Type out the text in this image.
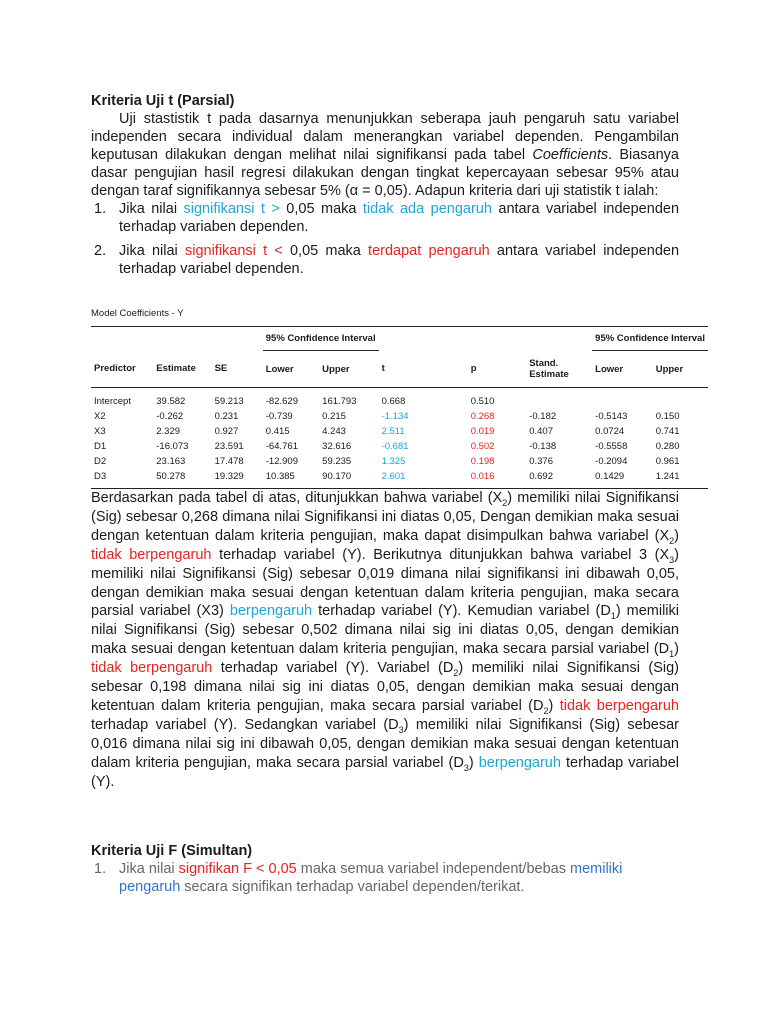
Kriteria Uji t (Parsial)

Uji stastistik t pada dasarnya menunjukkan seberapa jauh pengaruh satu variabel independen secara individual dalam menerangkan variabel dependen. Pengambilan keputusan dilakukan dengan melihat nilai signifikansi pada tabel Coefficients. Biasanya dasar pengujian hasil regresi dilakukan dengan tingkat kepercayaan sebesar 95% atau dengan taraf signifikannya sebesar 5% (α = 0,05). Adapun kriteria dari uji statistik t ialah:

1. Jika nilai signifikansi t > 0,05 maka tidak ada pengaruh antara variabel independen terhadap variaben dependen.
2. Jika nilai signifikansi t < 0,05 maka terdapat pengaruh antara variabel independen terhadap variabel dependen.

Model Coefficients - Y

			95% Confidence Interval					95% Confidence Interval	
Predictor	Estimate	SE	Lower	Upper	t	p	Stand. Estimate	Lower	Upper
Intercept	39.582	59.213	-82.629	161.793	0.668	0.510			
X2	-0.262	0.231	-0.739	0.215	-1.134	0.268	-0.182	-0.5143	0.150
X3	2.329	0.927	0.415	4.243	2.511	0.019	0.407	0.0724	0.741
D1	-16.073	23.591	-64.761	32.616	-0.681	0.502	-0.138	-0.5558	0.280
D2	23.163	17.478	-12.909	59.235	1.325	0.198	0.376	-0.2094	0.961
D3	50.278	19.329	10.385	90.170	2.601	0.016	0.692	0.1429	1.241

Berdasarkan pada tabel di atas, ditunjukkan bahwa variabel $(X_2)$ memiliki nilai Signifikansi (Sig) sebesar 0,268 dimana nilai Signifikansi ini diatas 0,05, Dengan demikian maka sesuai dengan ketentuan dalam kriteria pengujian, maka dapat disimpulkan bahwa variabel $(X_2)$ tidak berpengaruh terhadap variabel (Y). Berikutnya ditunjukkan bahwa variabel 3 $(X_3)$ memiliki nilai Signifikansi (Sig) sebesar 0,019 dimana nilai signifikansi ini dibawah 0,05, dengan demikian maka sesuai dengan ketentuan dalam kriteria pengujian, maka secara parsial variabel (X3) berpengaruh terhadap variabel (Y). Kemudian variabel $(D_1)$ memiliki nilai Signifikansi (Sig) sebesar 0,502 dimana nilai sig ini diatas 0,05, dengan demikian maka sesuai dengan ketentuan dalam kriteria pengujian, maka secara parsial variabel $(D_1)$ tidak berpengaruh terhadap variabel (Y). Variabel $(D_2)$ memiliki nilai Signifikansi (Sig) sebesar 0,198 dimana nilai sig ini diatas 0,05, dengan demikian maka sesuai dengan ketentuan dalam kriteria pengujian, maka secara parsial variabel $(D_2)$ tidak berpengaruh terhadap variabel (Y). Sedangkan variabel $(D_3)$ memiliki nilai Signifikansi (Sig) sebesar 0,016 dimana nilai sig ini dibawah 0,05, dengan demikian maka sesuai dengan ketentuan dalam kriteria pengujian, maka secara parsial variabel $(D_3)$ berpengaruh terhadap variabel (Y).

Kriteria Uji F (Simultan)

1. Jika nilai signifikan F < 0,05 maka semua variabel independent/bebas memiliki pengaruh secara signifikan terhadap variabel dependen/terikat.
